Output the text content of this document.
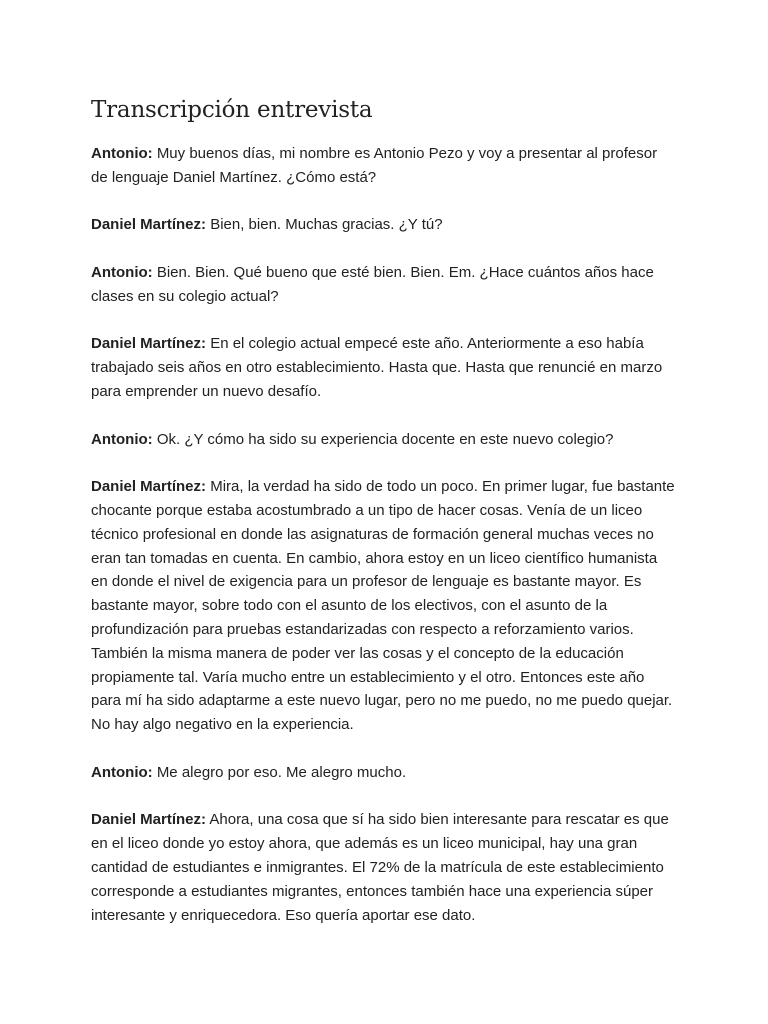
Transcripción entrevista
Antonio: Muy buenos días, mi nombre es Antonio Pezo y voy a presentar al profesor
de lenguaje Daniel Martínez. ¿Cómo está?
Daniel Martínez: Bien, bien. Muchas gracias. ¿Y tú?
Antonio: Bien. Bien. Qué bueno que esté bien. Bien. Em. ¿Hace cuántos años hace
clases en su colegio actual?
Daniel Martínez: En el colegio actual empecé este año. Anteriormente a eso había
trabajado seis años en otro establecimiento. Hasta que. Hasta que renuncié en marzo
para emprender un nuevo desafío.
Antonio: Ok. ¿Y cómo ha sido su experiencia docente en este nuevo colegio?
Daniel Martínez: Mira, la verdad ha sido de todo un poco. En primer lugar, fue bastante
chocante porque estaba acostumbrado a un tipo de hacer cosas. Venía de un liceo
técnico profesional en donde las asignaturas de formación general muchas veces no
eran tan tomadas en cuenta. En cambio, ahora estoy en un liceo científico humanista
en donde el nivel de exigencia para un profesor de lenguaje es bastante mayor. Es
bastante mayor, sobre todo con el asunto de los electivos, con el asunto de la
profundización para pruebas estandarizadas con respecto a reforzamiento varios.
También la misma manera de poder ver las cosas y el concepto de la educación
propiamente tal. Varía mucho entre un establecimiento y el otro. Entonces este año
para mí ha sido adaptarme a este nuevo lugar, pero no me puedo, no me puedo quejar.
No hay algo negativo en la experiencia.
Antonio: Me alegro por eso. Me alegro mucho.
Daniel Martínez: Ahora, una cosa que sí ha sido bien interesante para rescatar es que
en el liceo donde yo estoy ahora, que además es un liceo municipal, hay una gran
cantidad de estudiantes e inmigrantes. El 72% de la matrícula de este establecimiento
corresponde a estudiantes migrantes, entonces también hace una experiencia súper
interesante y enriquecedora. Eso quería aportar ese dato.
